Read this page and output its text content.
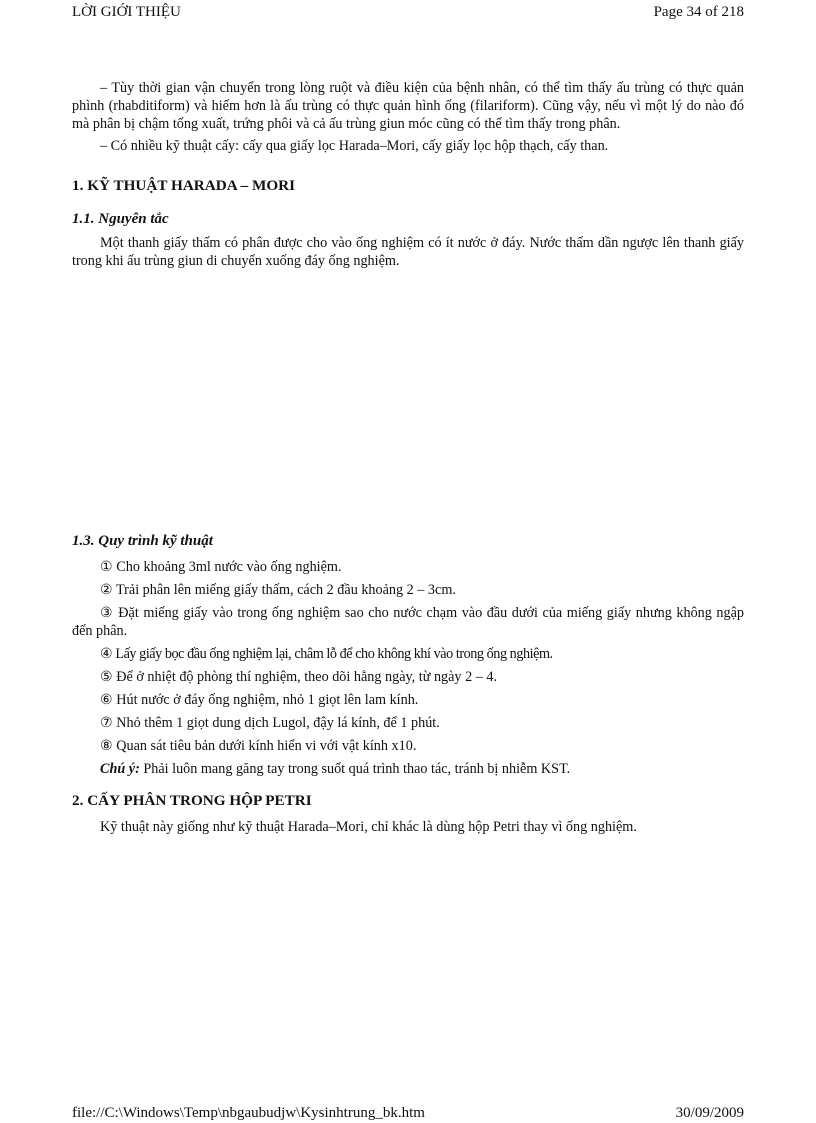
LỜI GIỚI THIỆU	Page 34 of 218

– Tùy thời gian vận chuyển trong lòng ruột và điều kiện của bệnh nhân, có thể tìm thấy ấu trùng có thực quản phình (rhabditiform) và hiếm hơn là ấu trùng có thực quản hình ống (filariform). Cũng vậy, nếu vì một lý do nào đó mà phân bị chậm tống xuất, trứng phôi và cả ấu trùng giun móc cũng có thể tìm thấy trong phân.

– Có nhiều kỹ thuật cấy: cấy qua giấy lọc Harada–Mori, cấy giấy lọc hộp thạch, cấy than.

1. KỸ THUẬT HARADA – MORI
1.1. Nguyên tắc

Một thanh giấy thấm có phân được cho vào ống nghiệm có ít nước ở đáy. Nước thấm dần ngược lên thanh giấy trong khi ấu trùng giun di chuyển xuống đáy ống nghiệm.

1.3. Quy trình kỹ thuật

① Cho khoảng 3ml nước vào ống nghiệm.

② Trải phân lên miếng giấy thấm, cách 2 đầu khoảng 2 – 3cm.

③ Đặt miếng giấy vào trong ống nghiệm sao cho nước chạm vào đầu dưới của miếng giấy nhưng không ngập đến phân.

④ Lấy giấy bọc đầu ống nghiệm lại, châm lỗ để cho không khí vào trong ống nghiệm.

⑤ Để ở nhiệt độ phòng thí nghiệm, theo dõi hằng ngày, từ ngày 2 – 4.

⑥ Hút nước ở đáy ống nghiệm, nhỏ 1 giọt lên lam kính.

⑦ Nhỏ thêm 1 giọt dung dịch Lugol, đậy lá kính, để 1 phút.

⑧ Quan sát tiêu bản dưới kính hiển vi với vật kính x10.

Chú ý: Phải luôn mang găng tay trong suốt quá trình thao tác, tránh bị nhiễm KST.

2. CẤY PHÂN TRONG HỘP PETRI

Kỹ thuật này giống như kỹ thuật Harada–Mori, chỉ khác là dùng hộp Petri thay vì ống nghiệm.

file://C:\Windows\Temp\nbgaubudjw\Kysinhtrung_bk.htm	30/09/2009
